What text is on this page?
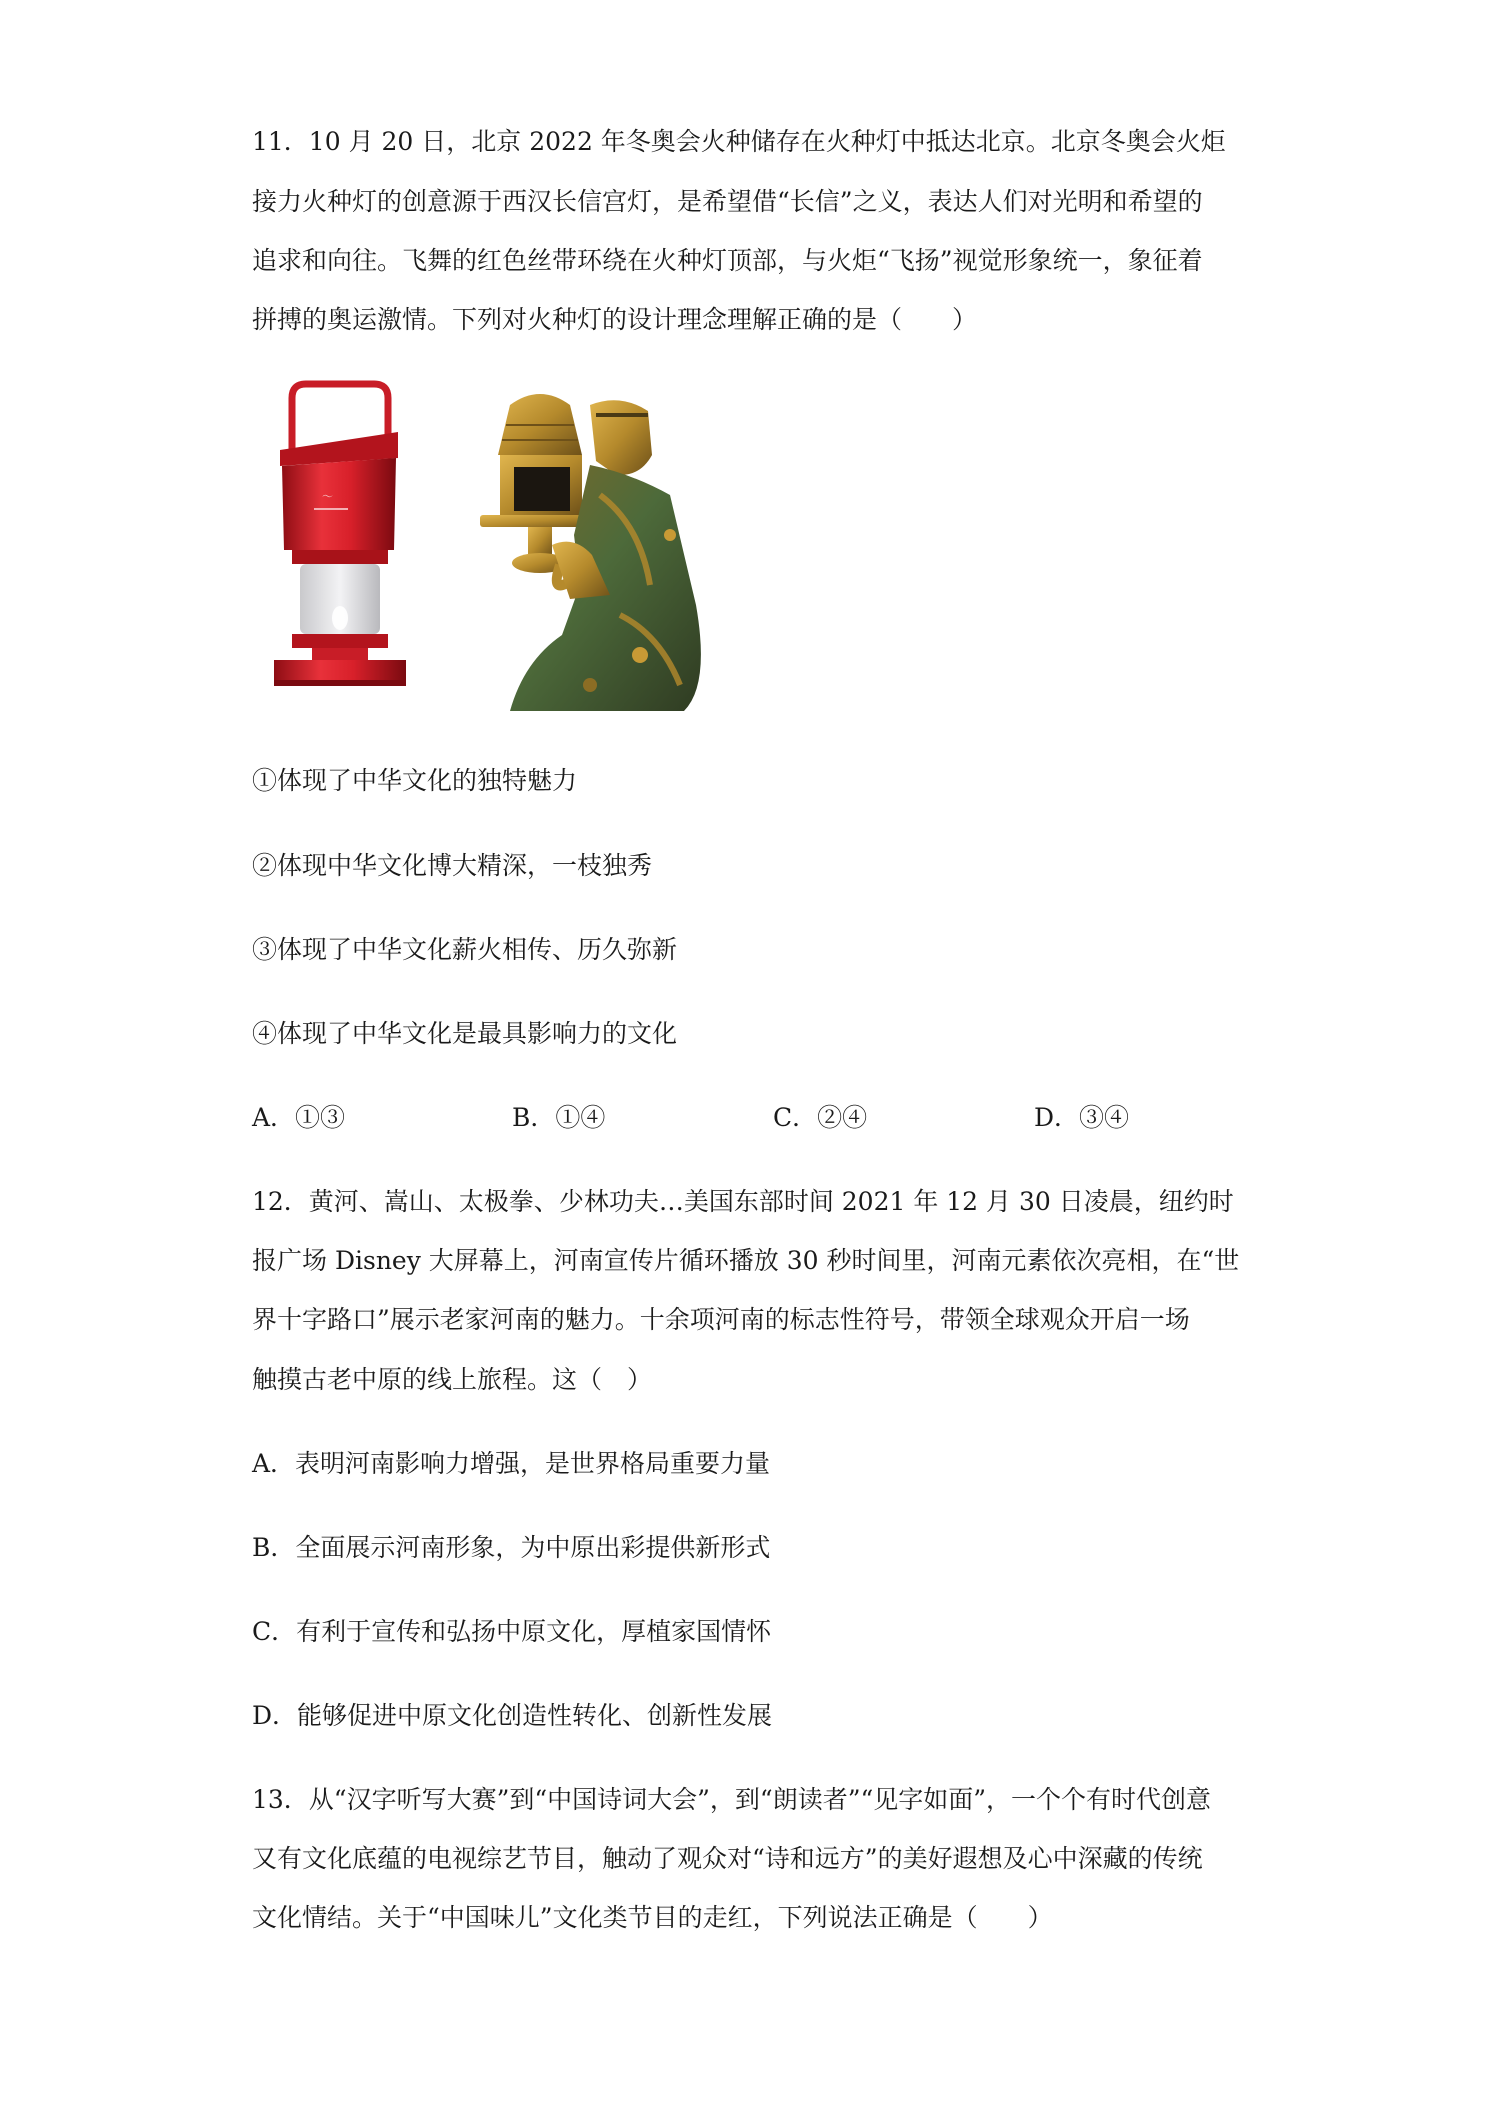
11．10 月 20 日，北京 2022 年冬奥会火种储存在火种灯中抵达北京。北京冬奥会火炬
接力火种灯的创意源于西汉长信宫灯，是希望借“长信”之义，表达人们对光明和希望的
追求和向往。飞舞的红色丝带环绕在火种灯顶部，与火炬“飞扬”视觉形象统一，象征着
拼搏的奥运激情。下列对火种灯的设计理念理解正确的是（　　）
〜
①体现了中华文化的独特魅力
②体现中华文化博大精深，一枝独秀
③体现了中华文化薪火相传、历久弥新
④体现了中华文化是最具影响力的文化
A．①③	B．①④	C．②④	D．③④
12．黄河、嵩山、太极拳、少林功夫…美国东部时间 2021 年 12 月 30 日凌晨，纽约时
报广场 Disney 大屏幕上，河南宣传片循环播放 30 秒时间里，河南元素依次亮相，在“世
界十字路口”展示老家河南的魅力。十余项河南的标志性符号，带领全球观众开启一场
触摸古老中原的线上旅程。这（　）
A．表明河南影响力增强，是世界格局重要力量
B．全面展示河南形象，为中原出彩提供新形式
C．有利于宣传和弘扬中原文化，厚植家国情怀
D．能够促进中原文化创造性转化、创新性发展
13．从“汉字听写大赛”到“中国诗词大会”，到“朗读者”“见字如面”，一个个有时代创意
又有文化底蕴的电视综艺节目，触动了观众对“诗和远方”的美好遐想及心中深藏的传统
文化情结。关于“中国味儿”文化类节目的走红，下列说法正确是（　　）
